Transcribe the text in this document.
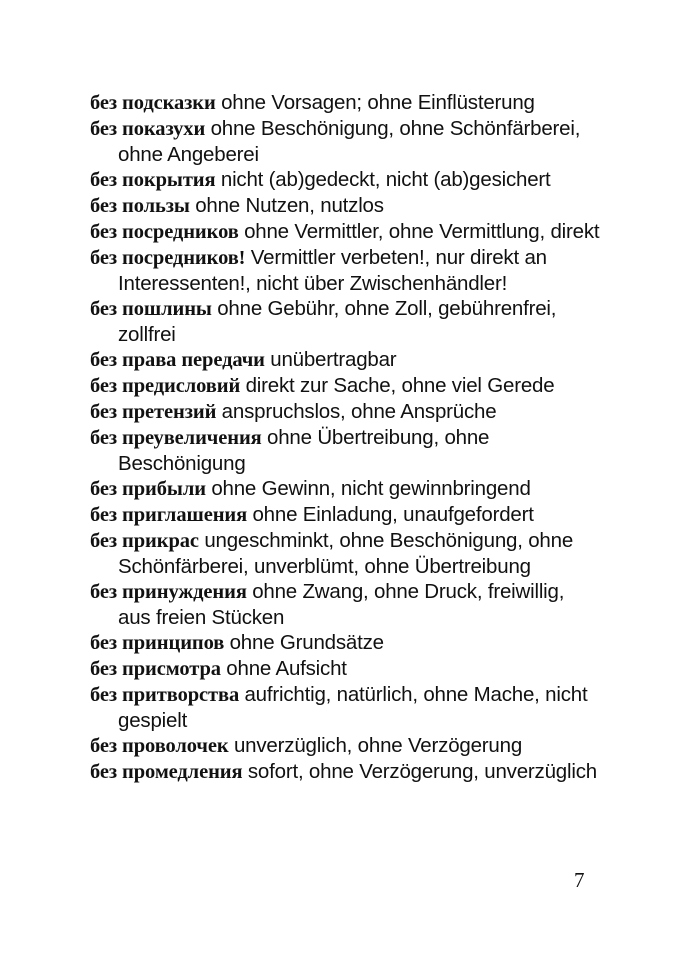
без подсказки ohne Vorsagen; ohne Einflüsterung
без показухи ohne Beschönigung, ohne Schönfärberei, ohne Angeberei
без покрытия nicht (ab)gedeckt, nicht (ab)gesichert
без пользы ohne Nutzen, nutzlos
без посредников ohne Vermittler, ohne Vermittlung, direkt
без посредников! Vermittler verbeten!, nur direkt an Interessenten!, nicht über Zwischenhändler!
без пошлины ohne Gebühr, ohne Zoll, gebührenfrei, zollfrei
без права передачи unübertragbar
без предисловий direkt zur Sache, ohne viel Gerede
без претензий anspruchslos, ohne Ansprüche
без преувеличения ohne Übertreibung, ohne Beschönigung
без прибыли ohne Gewinn, nicht gewinnbringend
без приглашения ohne Einladung, unaufgefordert
без прикрас ungeschminkt, ohne Beschönigung, ohne Schönfärberei, unverblümt, ohne Übertreibung
без принуждения ohne Zwang, ohne Druck, freiwillig, aus freien Stücken
без принципов ohne Grundsätze
без присмотра ohne Aufsicht
без притворства aufrichtig, natürlich, ohne Mache, nicht gespielt
без проволочек unverzüglich, ohne Verzögerung
без промедления sofort, ohne Verzögerung, unverzüglich
7
